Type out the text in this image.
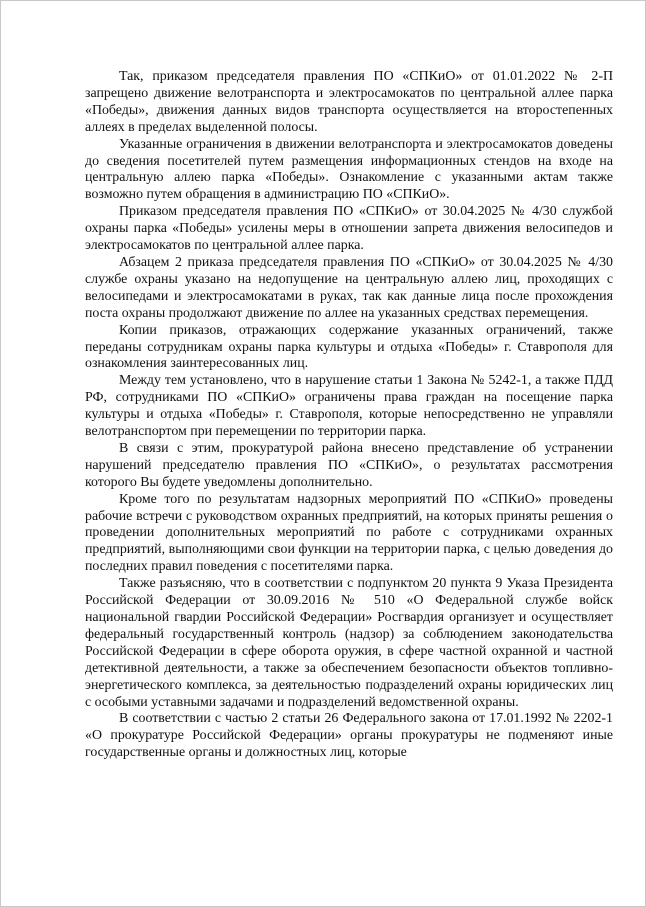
Так, приказом председателя правления ПО «СПКиО» от 01.01.2022 № 2-П запрещено движение велотранспорта и электросамокатов по центральной аллее парка «Победы», движения данных видов транспорта осуществляется на второстепенных аллеях в пределах выделенной полосы.

Указанные ограничения в движении велотранспорта и электросамокатов доведены до сведения посетителей путем размещения информационных стендов на входе на центральную аллею парка «Победы». Ознакомление с указанными актам также возможно путем обращения в администрацию ПО «СПКиО».

Приказом председателя правления ПО «СПКиО» от 30.04.2025 № 4/30 службой охраны парка «Победы» усилены меры в отношении запрета движения велосипедов и электросамокатов по центральной аллее парка.

Абзацем 2 приказа председателя правления ПО «СПКиО» от 30.04.2025 № 4/30 службе охраны указано на недопущение на центральную аллею лиц, проходящих с велосипедами и электросамокатами в руках, так как данные лица после прохождения поста охраны продолжают движение по аллее на указанных средствах перемещения.

Копии приказов, отражающих содержание указанных ограничений, также переданы сотрудникам охраны парка культуры и отдыха «Победы» г. Ставрополя для ознакомления заинтересованных лиц.

Между тем установлено, что в нарушение статьи 1 Закона № 5242-1, а также ПДД РФ, сотрудниками ПО «СПКиО» ограничены права граждан на посещение парка культуры и отдыха «Победы» г. Ставрополя, которые непосредственно не управляли велотранспортом при перемещении по территории парка.

В связи с этим, прокуратурой района внесено представление об устранении нарушений председателю правления ПО «СПКиО», о результатах рассмотрения которого Вы будете уведомлены дополнительно.

Кроме того по результатам надзорных мероприятий ПО «СПКиО» проведены рабочие встречи с руководством охранных предприятий, на которых приняты решения о проведении дополнительных мероприятий по работе с сотрудниками охранных предприятий, выполняющими свои функции на территории парка, с целью доведения до последних правил поведения с посетителями парка.

Также разъясняю, что в соответствии с подпунктом 20 пункта 9 Указа Президента Российской Федерации от 30.09.2016 № 510 «О Федеральной службе войск национальной гвардии Российской Федерации» Росгвардия организует и осуществляет федеральный государственный контроль (надзор) за соблюдением законодательства Российской Федерации в сфере оборота оружия, в сфере частной охранной и частной детективной деятельности, а также за обеспечением безопасности объектов топливно-энергетического комплекса, за деятельностью подразделений охраны юридических лиц с особыми уставными задачами и подразделений ведомственной охраны.

В соответствии с частью 2 статьи 26 Федерального закона от 17.01.1992 № 2202-1 «О прокуратуре Российской Федерации» органы прокуратуры не подменяют иные государственные органы и должностных лиц, которые
